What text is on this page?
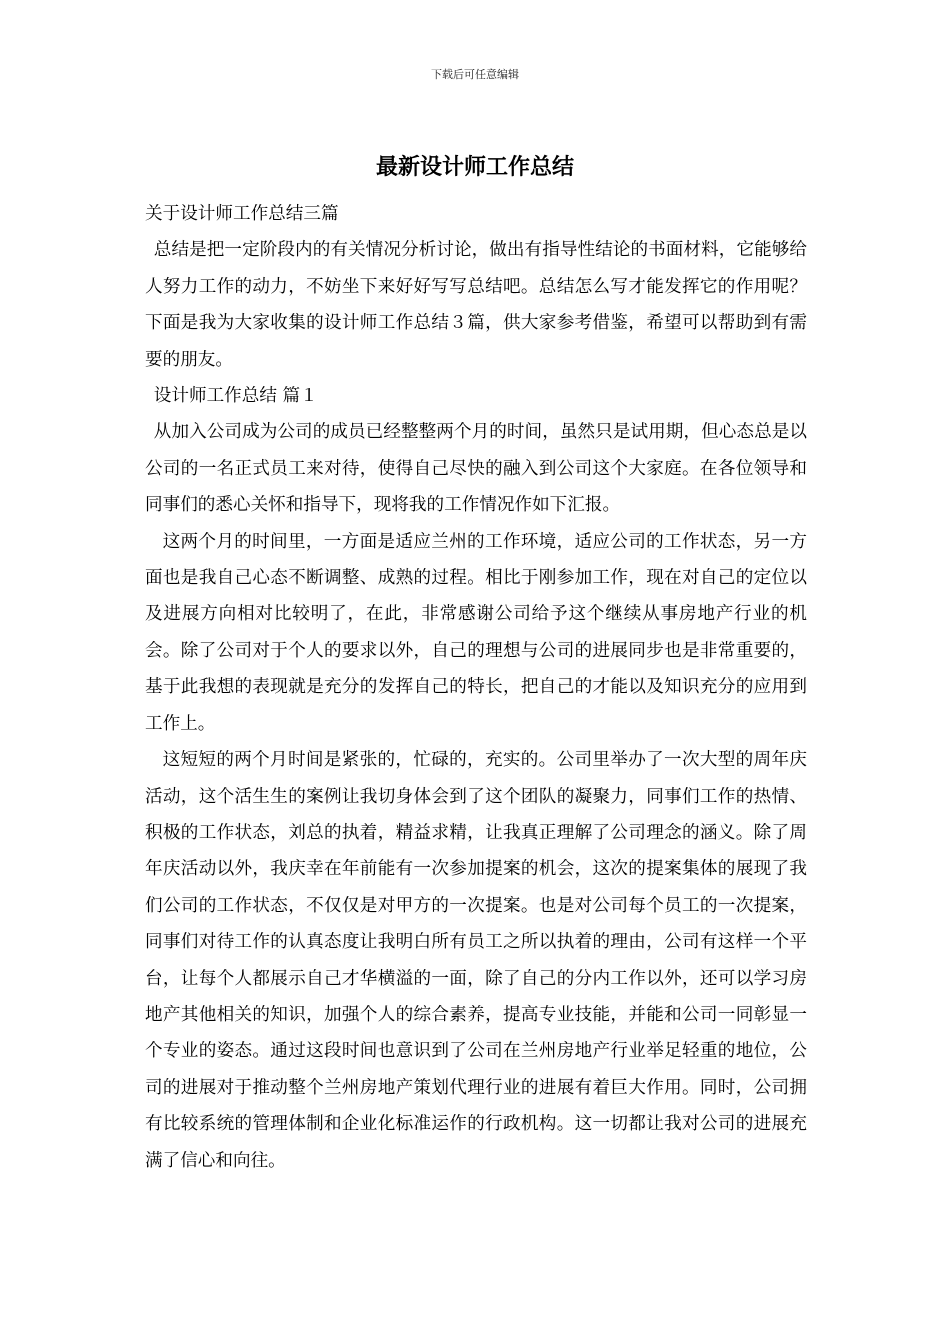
下载后可任意编辑
最新设计师工作总结

关于设计师工作总结三篇

总结是把一定阶段内的有关情况分析讨论，做出有指导性结论的书面材料，它能够给人努力工作的动力，不妨坐下来好好写写总结吧。总结怎么写才能发挥它的作用呢？下面是我为大家收集的设计师工作总结３篇，供大家参考借鉴，希望可以帮助到有需要的朋友。

设计师工作总结 篇１

从加入公司成为公司的成员已经整整两个月的时间，虽然只是试用期，但心态总是以公司的一名正式员工来对待，使得自己尽快的融入到公司这个大家庭。在各位领导和同事们的悉心关怀和指导下，现将我的工作情况作如下汇报。

这两个月的时间里，一方面是适应兰州的工作环境，适应公司的工作状态，另一方面也是我自己心态不断调整、成熟的过程。相比于刚参加工作，现在对自己的定位以及进展方向相对比较明了，在此，非常感谢公司给予这个继续从事房地产行业的机会。除了公司对于个人的要求以外，自己的理想与公司的进展同步也是非常重要的，基于此我想的表现就是充分的发挥自己的特长，把自己的才能以及知识充分的应用到工作上。

这短短的两个月时间是紧张的，忙碌的，充实的。公司里举办了一次大型的周年庆活动，这个活生生的案例让我切身体会到了这个团队的凝聚力，同事们工作的热情、积极的工作状态，刘总的执着，精益求精，让我真正理解了公司理念的涵义。除了周年庆活动以外，我庆幸在年前能有一次参加提案的机会，这次的提案集体的展现了我们公司的工作状态，不仅仅是对甲方的一次提案。也是对公司每个员工的一次提案，同事们对待工作的认真态度让我明白所有员工之所以执着的理由，公司有这样一个平台，让每个人都展示自己才华横溢的一面，除了自己的分内工作以外，还可以学习房地产其他相关的知识，加强个人的综合素养，提高专业技能，并能和公司一同彰显一个专业的姿态。通过这段时间也意识到了公司在兰州房地产行业举足轻重的地位，公司的进展对于推动整个兰州房地产策划代理行业的进展有着巨大作用。同时，公司拥有比较系统的管理体制和企业化标准运作的行政机构。这一切都让我对公司的进展充满了信心和向往。
